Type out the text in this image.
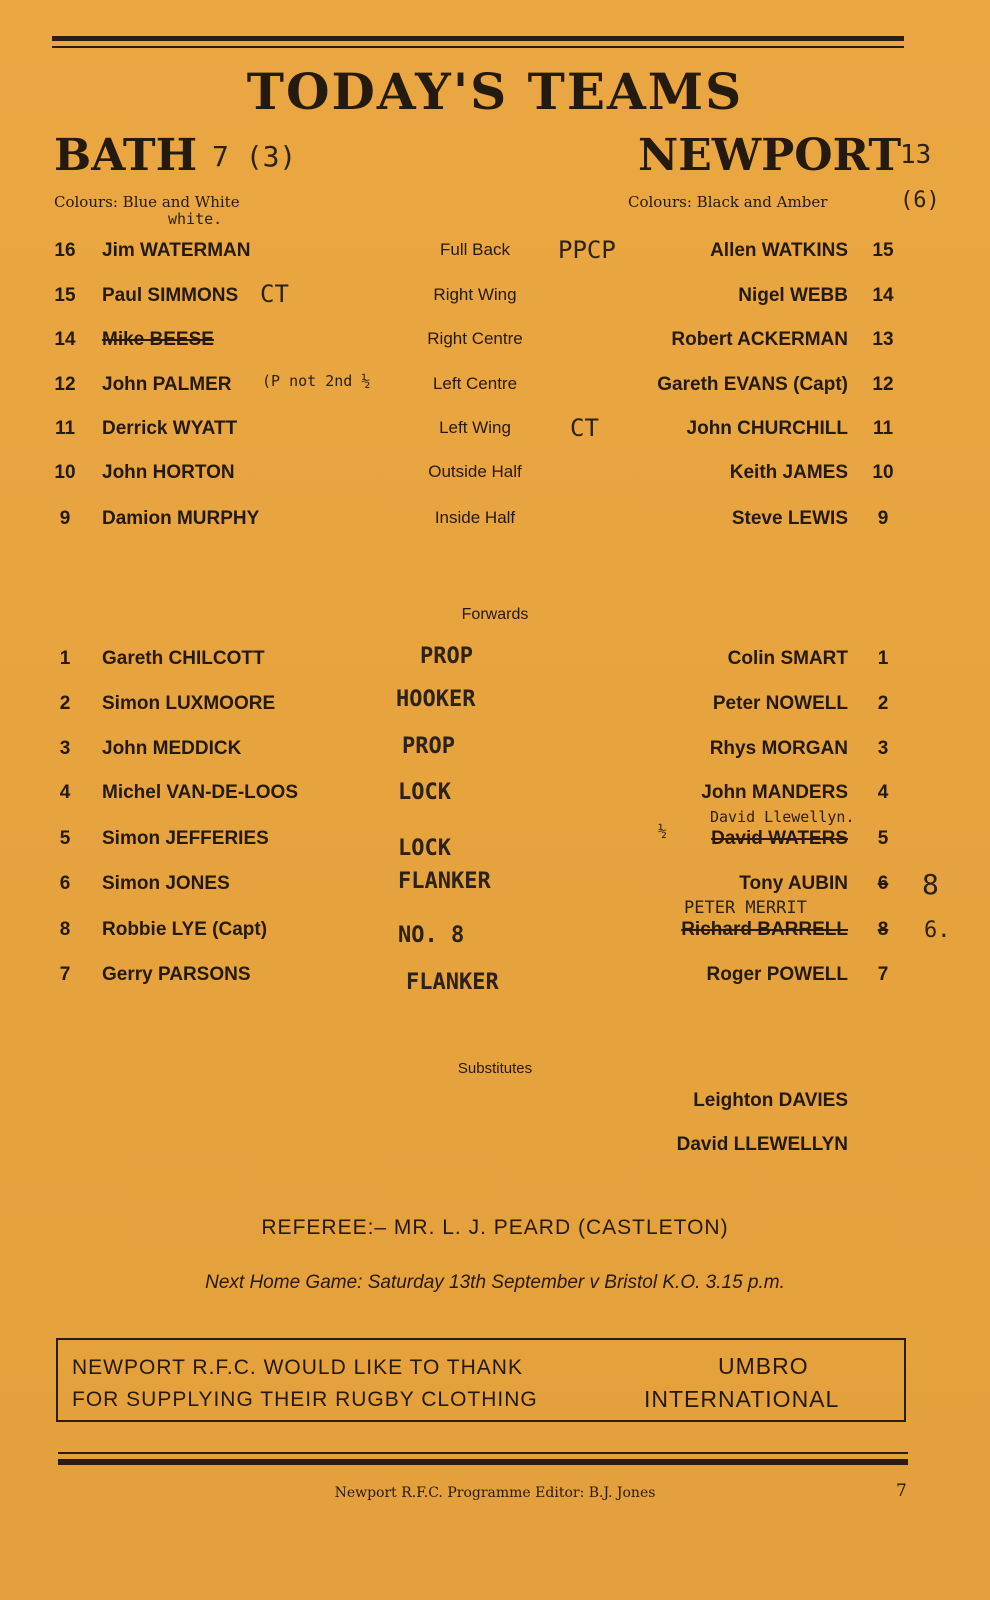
TODAY'S TEAMS
BATH 7 (3)	NEWPORT
13
Colours: Blue and White
white.
Colours: Black and Amber	(6)
16 Jim WATERMAN	Full Back	Allen WATKINS 15
15 Paul SIMMONS	Right Wing	Nigel WEBB 14
14 Mike BEESE	Right Centre	Robert ACKERMAN 13
12 John PALMER	Left Centre	Gareth EVANS (Capt) 12
11 Derrick WYATT	Left Wing	John CHURCHILL 11
10 John HORTON	Outside Half	Keith JAMES 10
9	Damion MURPHY	Inside Half	Steve LEWIS	9
PPCP
CT
(P not 2nd ½
CT
Forwards
1	Gareth CHILCOTT	PROP	Colin SMART	1
2	Simon LUXMOORE	HOOKER	Peter NOWELL	2
3	John MEDDICK	PROP	Rhys MORGAN	3
4	Michel VAN-DE-LOOS	LOCK	John MANDERS	4
5	Simon JEFFERIES	LOCK	David WATERS	5
6	Simon JONES	FLANKER	Tony AUBIN	6
8	Robbie LYE (Capt)	NO. 8	Richard BARRELL	8
7	Gerry PARSONS	FLANKER	Roger POWELL	7
David Llewellyn.
½
8
PETER MERRIT
6.
Substitutes
Leighton DAVIES
David LLEWELLYN
REFEREE:– MR. L. J. PEARD (CASTLETON)
Next Home Game: Saturday 13th September v Bristol K.O. 3.15 p.m.
NEWPORT R.F.C. WOULD LIKE TO THANK
FOR SUPPLYING THEIR RUGBY CLOTHING
UMBRO
INTERNATIONAL
Newport R.F.C. Programme Editor: B.J. Jones	7
